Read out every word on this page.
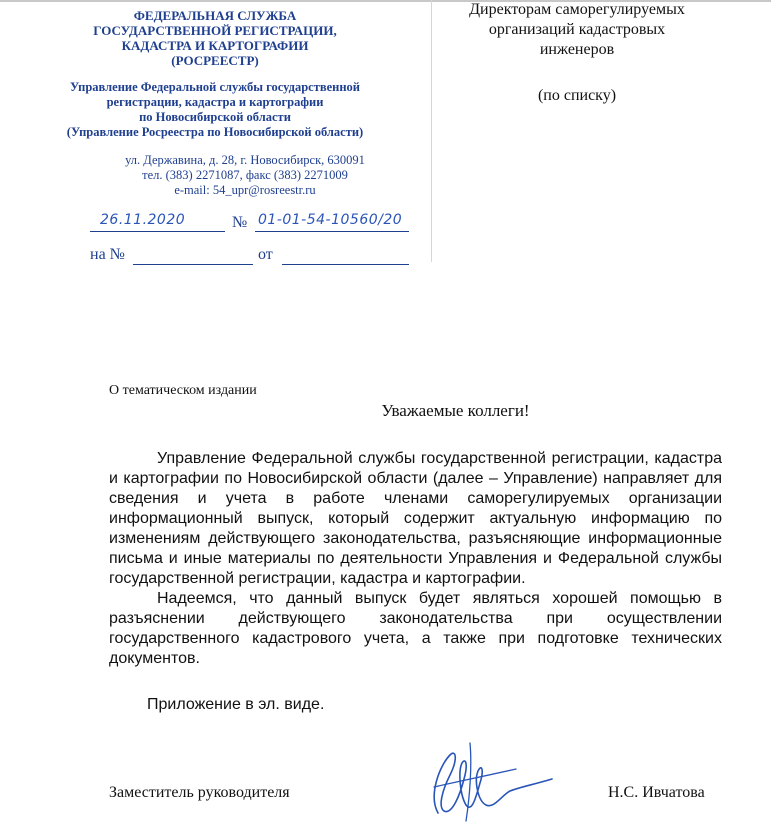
ФЕДЕРАЛЬНАЯ СЛУЖБА
ГОСУДАРСТВЕННОЙ РЕГИСТРАЦИИ,
КАДАСТРА И КАРТОГРАФИИ
(РОСРЕЕСТР)
Управление Федеральной службы государственной
регистрации, кадастра и картографии
по Новосибирской области
(Управление Росреестра по Новосибирской области)
ул. Державина, д. 28, г. Новосибирск, 630091
тел. (383) 2271087, факс (383) 2271009
e-mail: 54_upr@rosreestr.ru
26.11.2020	№ 01-01-54-10560/20
на №	от
Директорам саморегулируемых
организаций кадастровых
инженеров
(по списку)
О тематическом издании
Уважаемые коллеги!

Управление Федеральной службы государственной регистрации, кадастра и картографии по Новосибирской области (далее – Управление) направляет для сведения и учета в работе членами саморегулируемых организации информационный выпуск, который содержит актуальную информацию по изменениям действующего законодательства, разъясняющие информационные письма и иные материалы по деятельности Управления и Федеральной службы государственной регистрации, кадастра и картографии.

Надеемся, что данный выпуск будет являться хорошей помощью в разъяснении действующего законодательства при осуществлении государственного кадастрового учета, а также при подготовке технических документов.

Приложение в эл. виде.
Заместитель руководителя	Н.С. Ивчатова
